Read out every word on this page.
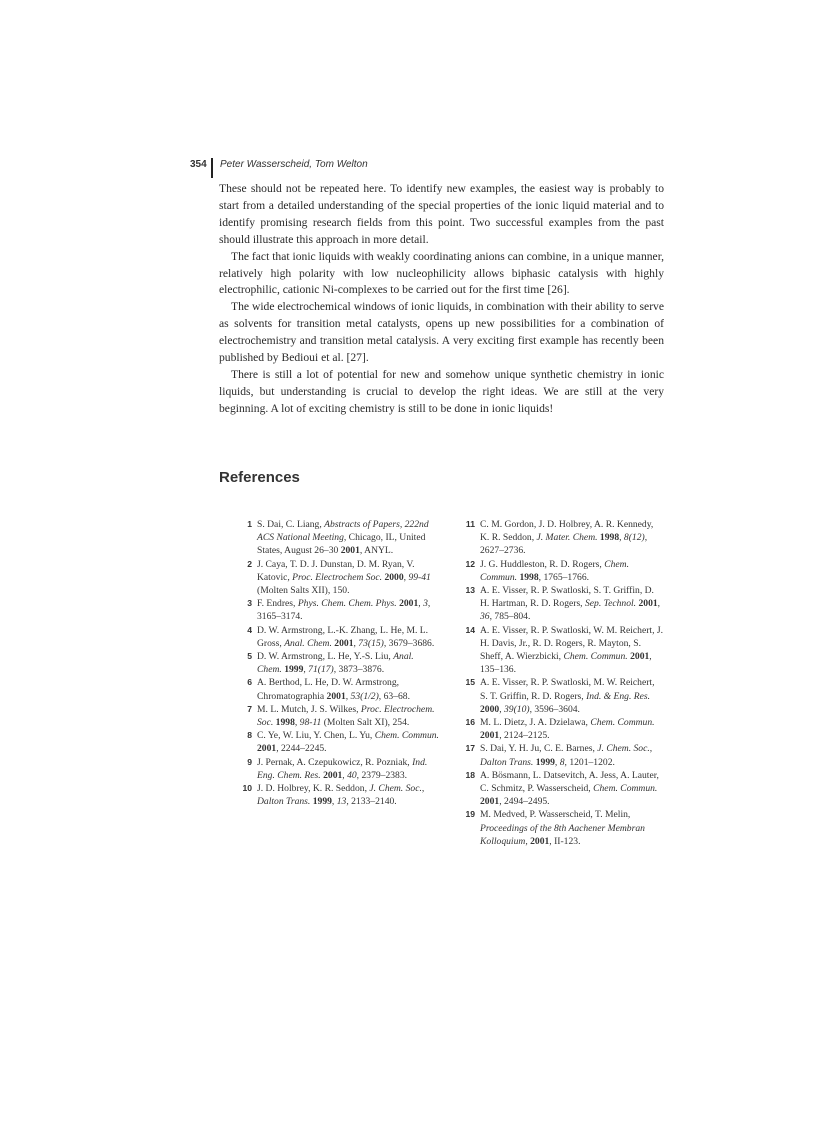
354 Peter Wasserscheid, Tom Welton

These should not be repeated here. To identify new examples, the easiest way is probably to start from a detailed understanding of the special properties of the ionic liquid material and to identify promising research fields from this point. Two successful examples from the past should illustrate this approach in more detail.

The fact that ionic liquids with weakly coordinating anions can combine, in a unique manner, relatively high polarity with low nucleophilicity allows biphasic catalysis with highly electrophilic, cationic Ni-complexes to be carried out for the first time [26].

The wide electrochemical windows of ionic liquids, in combination with their ability to serve as solvents for transition metal catalysts, opens up new possibilities for a combination of electrochemistry and transition metal catalysis. A very exciting first example has recently been published by Bedioui et al. [27].

There is still a lot of potential for new and somehow unique synthetic chemistry in ionic liquids, but understanding is crucial to develop the right ideas. We are still at the very beginning. A lot of exciting chemistry is still to be done in ionic liquids!

References
1 S. Dai, C. Liang, Abstracts of Papers, 222nd ACS National Meeting, Chicago, IL, United States, August 26–30 2001, ANYL.
2 J. Caya, T. D. J. Dunstan, D. M. Ryan, V. Katovic, Proc. Electrochem Soc. 2000, 99-41 (Molten Salts XII), 150.
3 F. Endres, Phys. Chem. Chem. Phys. 2001, 3, 3165–3174.
4 D. W. Armstrong, L.-K. Zhang, L. He, M. L. Gross, Anal. Chem. 2001, 73(15), 3679–3686.
5 D. W. Armstrong, L. He, Y.-S. Liu, Anal. Chem. 1999, 71(17), 3873–3876.
6 A. Berthod, L. He, D. W. Armstrong, Chromatographia 2001, 53(1/2), 63–68.
7 M. L. Mutch, J. S. Wilkes, Proc. Electrochem. Soc. 1998, 98-11 (Molten Salt XI), 254.
8 C. Ye, W. Liu, Y. Chen, L. Yu, Chem. Commun. 2001, 2244–2245.
9 J. Pernak, A. Czepukowicz, R. Pozniak, Ind. Eng. Chem. Res. 2001, 40, 2379–2383.
10 J. D. Holbrey, K. R. Seddon, J. Chem. Soc., Dalton Trans. 1999, 13, 2133–2140.
11 C. M. Gordon, J. D. Holbrey, A. R. Kennedy, K. R. Seddon, J. Mater. Chem. 1998, 8(12), 2627–2736.
12 J. G. Huddleston, R. D. Rogers, Chem. Commun. 1998, 1765–1766.
13 A. E. Visser, R. P. Swatloski, S. T. Griffin, D. H. Hartman, R. D. Rogers, Sep. Technol. 2001, 36, 785–804.
14 A. E. Visser, R. P. Swatloski, W. M. Reichert, J. H. Davis, Jr., R. D. Rogers, R. Mayton, S. Sheff, A. Wierzbicki, Chem. Commun. 2001, 135–136.
15 A. E. Visser, R. P. Swatloski, M. W. Reichert, S. T. Griffin, R. D. Rogers, Ind. & Eng. Res. 2000, 39(10), 3596–3604.
16 M. L. Dietz, J. A. Dzielawa, Chem. Commun. 2001, 2124–2125.
17 S. Dai, Y. H. Ju, C. E. Barnes, J. Chem. Soc., Dalton Trans. 1999, 8, 1201–1202.
18 A. Bösmann, L. Datsevitch, A. Jess, A. Lauter, C. Schmitz, P. Wasserscheid, Chem. Commun. 2001, 2494–2495.
19 M. Medved, P. Wasserscheid, T. Melin, Proceedings of the 8th Aachener Membran Kolloquium, 2001, II-123.
